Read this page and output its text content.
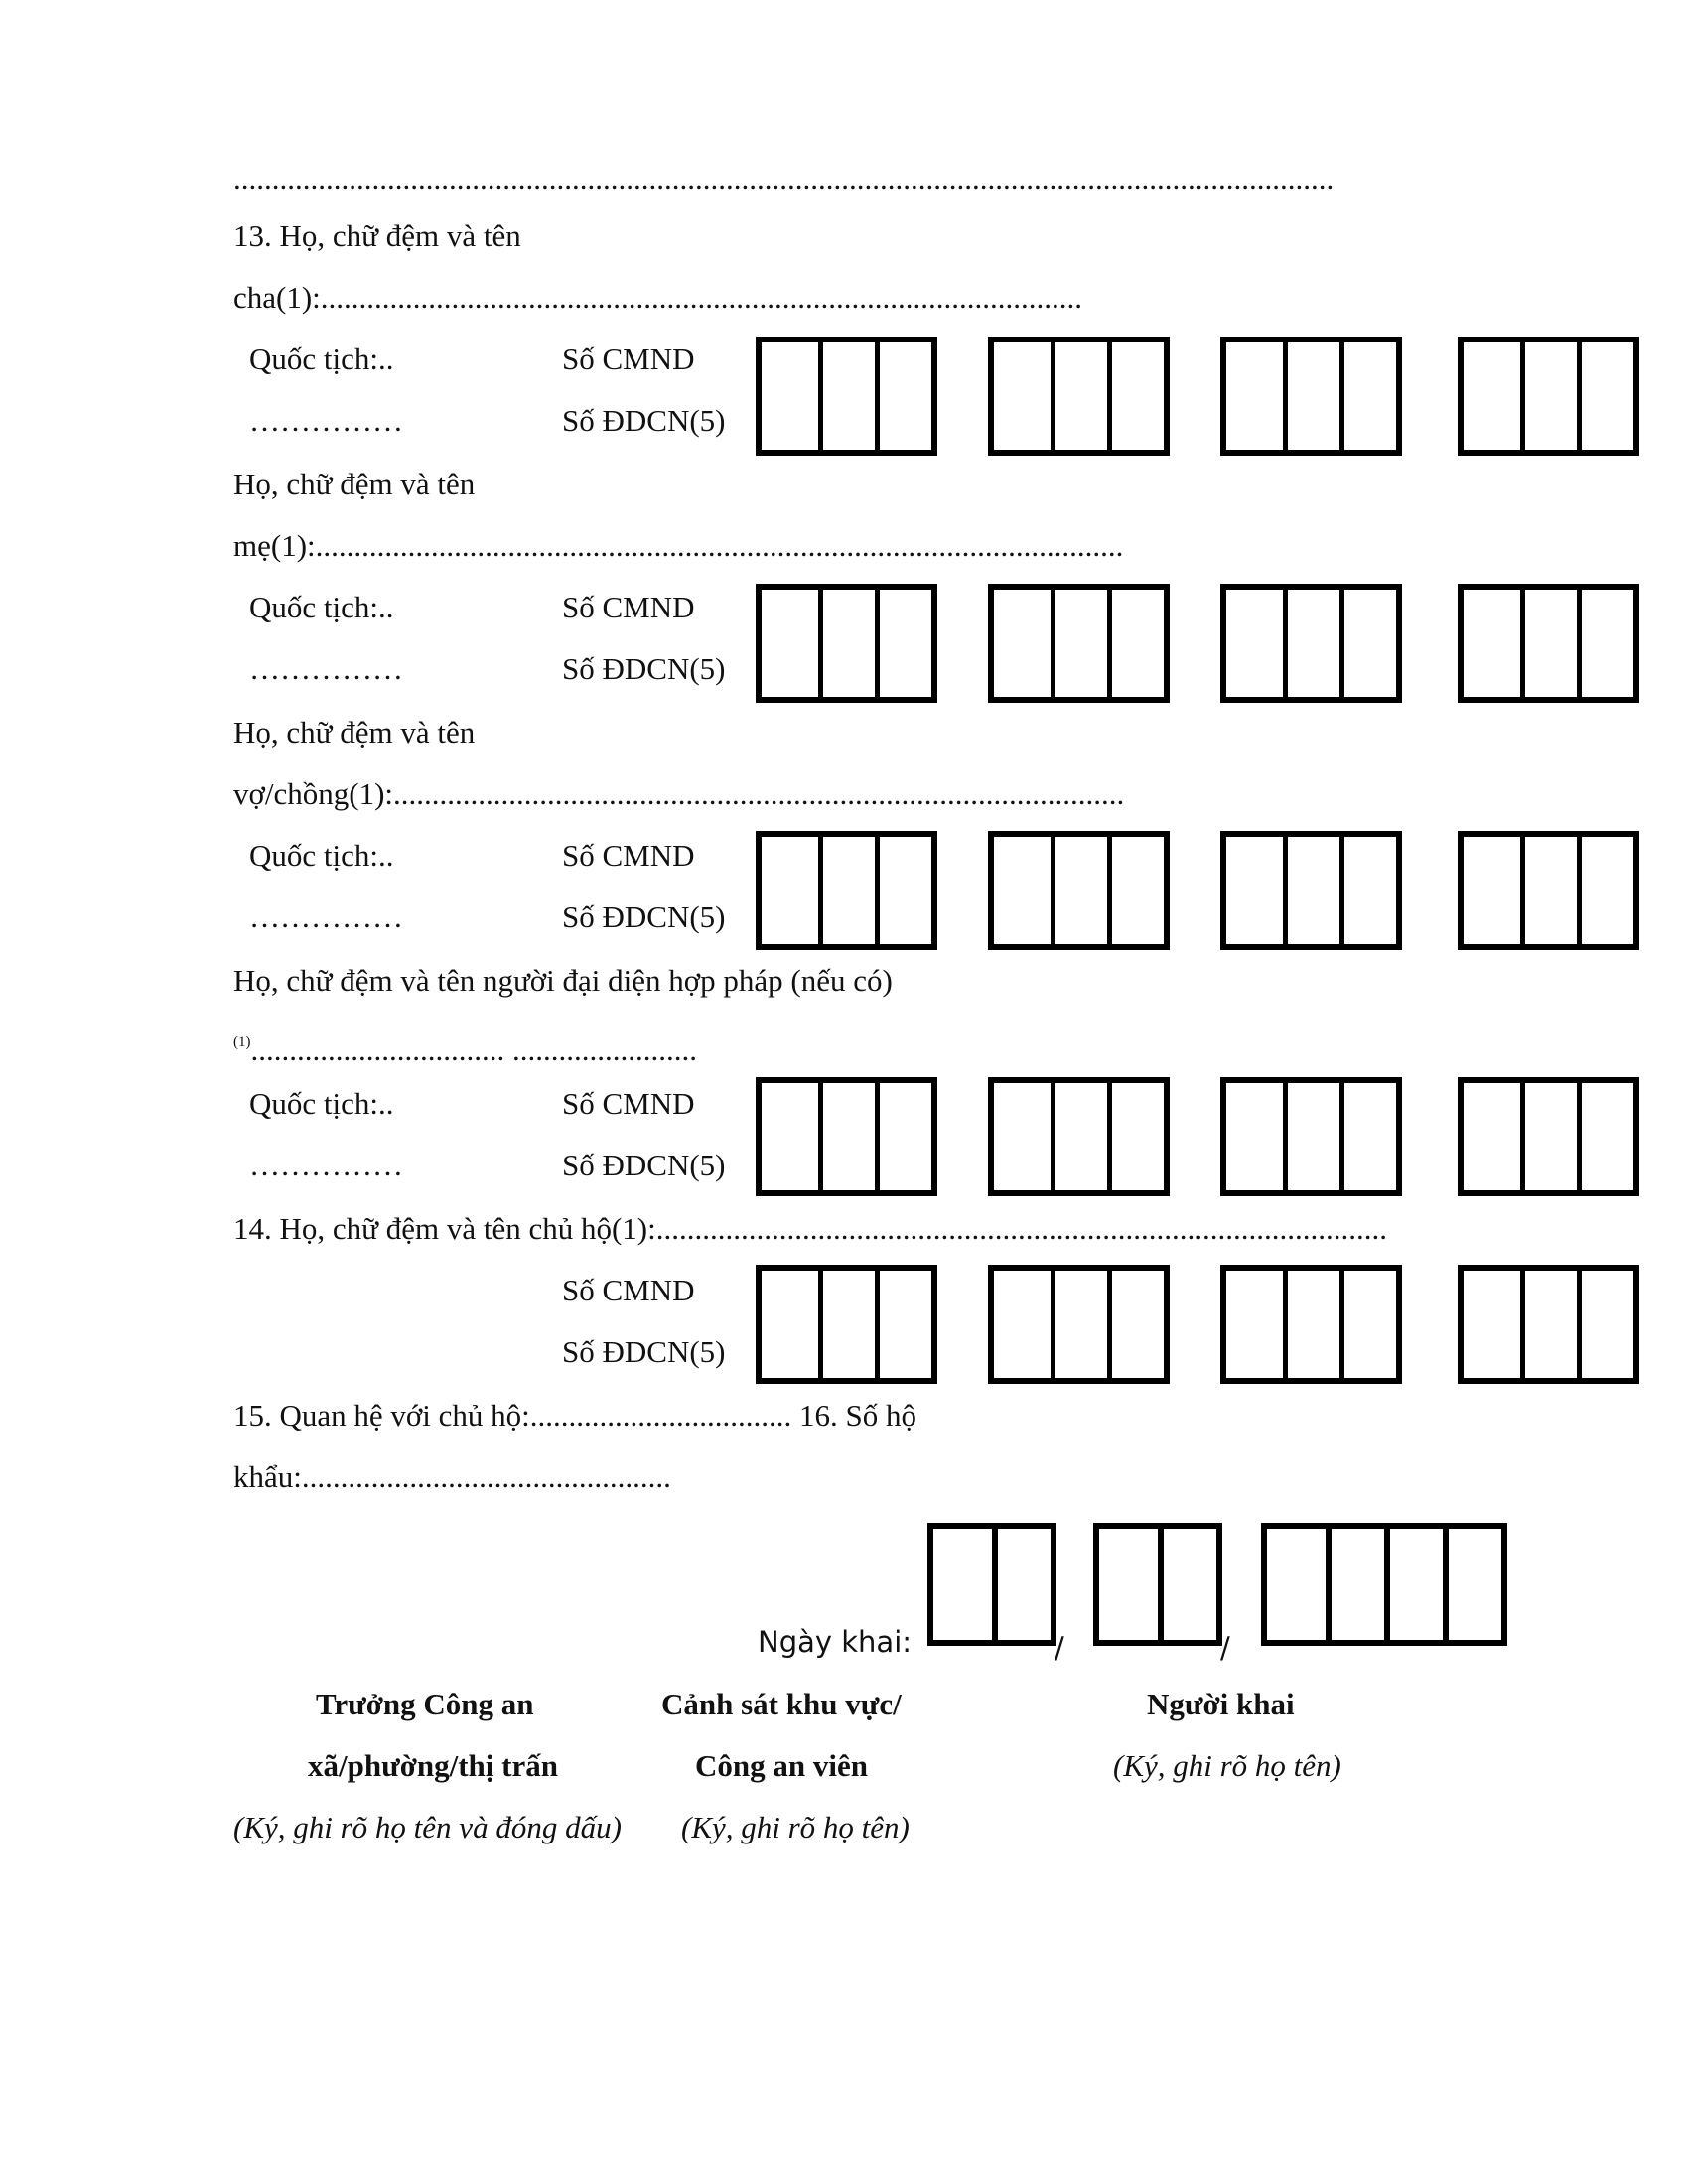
...............................................................................................................................................
13. Họ, chữ đệm và tên
cha(1):...................................................................................................
Quốc tịch:..
……………
Số CMND
Số ĐDCN(5)
Họ, chữ đệm và tên
mẹ(1):.........................................................................................................
Quốc tịch:..
……………
Số CMND
Số ĐDCN(5)
Họ, chữ đệm và tên
vợ/chồng(1):...............................................................................................
Quốc tịch:..
……………
Số CMND
Số ĐDCN(5)
Họ, chữ đệm và tên người đại diện hợp pháp (nếu có)
$^{(1)}$................................. ........................
Quốc tịch:..
……………
Số CMND
Số ĐDCN(5)
14. Họ, chữ đệm và tên chủ hộ(1):...............................................................................................
Số CMND
Số ĐDCN(5)
15. Quan hệ với chủ hộ:.................................. 16. Số hộ
khẩu:................................................
Ngày khai:	/	/
Trưởng Công an
xã/phường/thị trấn
(Ký, ghi rõ họ tên và đóng dấu)
Cảnh sát khu vực/
Công an viên
(Ký, ghi rõ họ tên)
Người khai
(Ký, ghi rõ họ tên)
